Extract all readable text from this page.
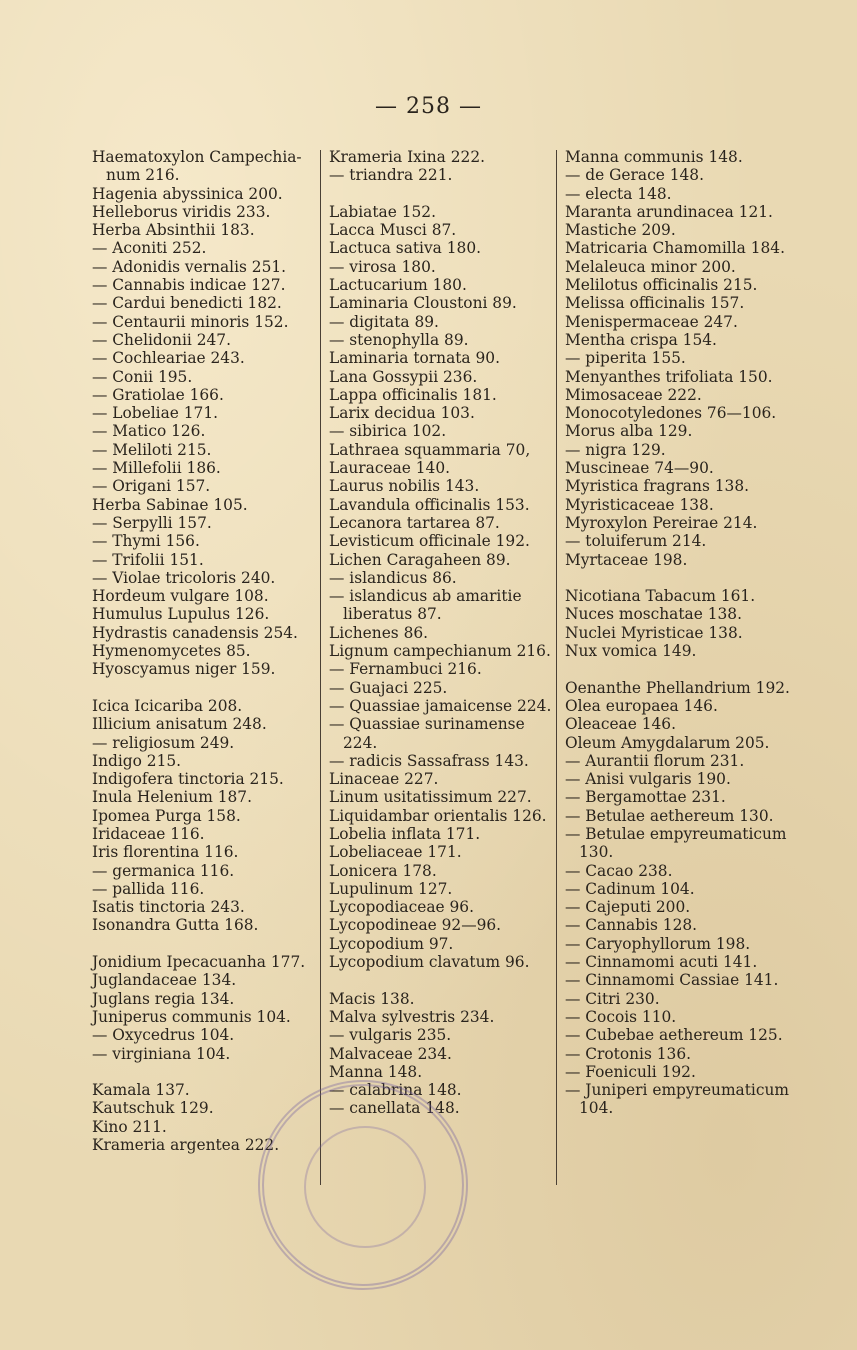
— 258 —
Haematoxylon Campechia-num 216.
Hagenia abyssinica 200.
Helleborus viridis 233.
Herba Absinthii 183.
— Aconiti 252.
— Adonidis vernalis 251.
— Cannabis indicae 127.
— Cardui benedicti 182.
— Centaurii minoris 152.
— Chelidonii 247.
— Cochleariae 243.
— Conii 195.
— Gratiolae 166.
— Lobeliae 171.
— Matico 126.
— Meliloti 215.
— Millefolii 186.
— Origani 157.
Herba Sabinae 105.
— Serpylli 157.
— Thymi 156.
— Trifolii 151.
— Violae tricoloris 240.
Hordeum vulgare 108.
Humulus Lupulus 126.
Hydrastis canadensis 254.
Hymenomycetes 85.
Hyoscyamus niger 159.
Icica Icicariba 208.
Illicium anisatum 248.
— religiosum 249.
Indigo 215.
Indigofera tinctoria 215.
Inula Helenium 187.
Ipomea Purga 158.
Iridaceae 116.
Iris florentina 116.
— germanica 116.
— pallida 116.
Isatis tinctoria 243.
Isonandra Gutta 168.
Jonidium Ipecacuanha 177.
Juglandaceae 134.
Juglans regia 134.
Juniperus communis 104.
— Oxycedrus 104.
— virginiana 104.
Kamala 137.
Kautschuk 129.
Kino 211.
Krameria argentea 222.
Krameria Ixina 222.
— triandra 221.
Labiatae 152.
Lacca Musci 87.
Lactuca sativa 180.
— virosa 180.
Lactucarium 180.
Laminaria Cloustoni 89.
— digitata 89.
— stenophylla 89.
Laminaria tornata 90.
Lana Gossypii 236.
Lappa officinalis 181.
Larix decidua 103.
— sibirica 102.
Lathraea squammaria 70,
Lauraceae 140.
Laurus nobilis 143.
Lavandula officinalis 153.
Lecanora tartarea 87.
Levisticum officinale 192.
Lichen Caragaheen 89.
— islandicus 86.
— islandicus ab amaritie liberatus 87.
Lichenes 86.
Lignum campechianum 216.
— Fernambuci 216.
— Guajaci 225.
— Quassiae jamaicense 224.
— Quassiae surinamense 224.
— radicis Sassafrass 143.
Linaceae 227.
Linum usitatissimum 227.
Liquidambar orientalis 126.
Lobelia inflata 171.
Lobeliaceae 171.
Lonicera 178.
Lupulinum 127.
Lycopodiaceae 96.
Lycopodineae 92—96.
Lycopodium 97.
Lycopodium clavatum 96.
Macis 138.
Malva sylvestris 234.
— vulgaris 235.
Malvaceae 234.
Manna 148.
— calabrina 148.
— canellata 148.
Manna communis 148.
— de Gerace 148.
— electa 148.
Maranta arundinacea 121.
Mastiche 209.
Matricaria Chamomilla 184.
Melaleuca minor 200.
Melilotus officinalis 215.
Melissa officinalis 157.
Menispermaceae 247.
Mentha crispa 154.
— piperita 155.
Menyanthes trifoliata 150.
Mimosaceae 222.
Monocotyledones 76—106.
Morus alba 129.
— nigra 129.
Muscineae 74—90.
Myristica fragrans 138.
Myristicaceae 138.
Myroxylon Pereirae 214.
— toluiferum 214.
Myrtaceae 198.
Nicotiana Tabacum 161.
Nuces moschatae 138.
Nuclei Myristicae 138.
Nux vomica 149.
Oenanthe Phellandrium 192.
Olea europaea 146.
Oleaceae 146.
Oleum Amygdalarum 205.
— Aurantii florum 231.
— Anisi vulgaris 190.
— Bergamottae 231.
— Betulae aethereum 130.
— Betulae empyreumaticum 130.
— Cacao 238.
— Cadinum 104.
— Cajeputi 200.
— Cannabis 128.
— Caryophyllorum 198.
— Cinnamomi acuti 141.
— Cinnamomi Cassiae 141.
— Citri 230.
— Cocois 110.
— Cubebae aethereum 125.
— Crotonis 136.
— Foeniculi 192.
— Juniperi empyreumaticum 104.
